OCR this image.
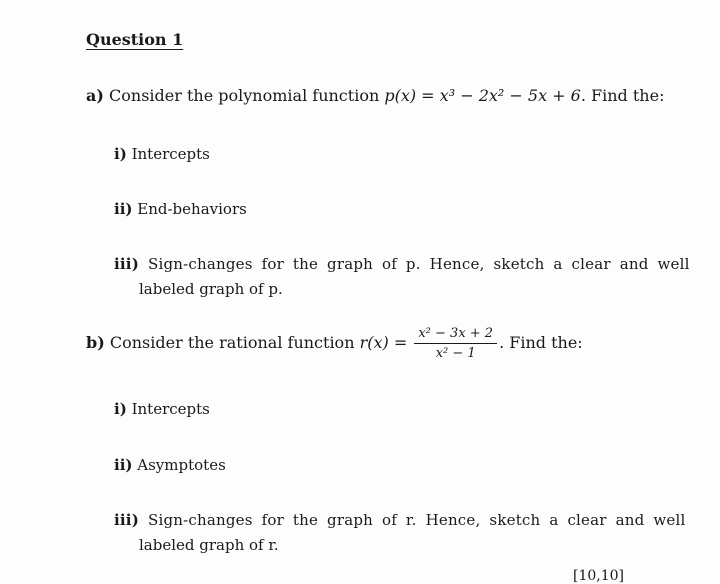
Question 1
a) Consider the polynomial function p(x) = x³ − 2x² − 5x + 6. Find the:
i) Intercepts
ii) End-behaviors
iii) Sign-changes for the graph of p. Hence, sketch a clear and well
labeled graph of p.
b) Consider the rational function $r(x) = \frac{\text{x² − 3x + 2}}{\text{x² − 1}}$ . Find the:
i) Intercepts
ii) Asymptotes
iii) Sign-changes for the graph of r. Hence, sketch a clear and well
labeled graph of r.
[10,10]
